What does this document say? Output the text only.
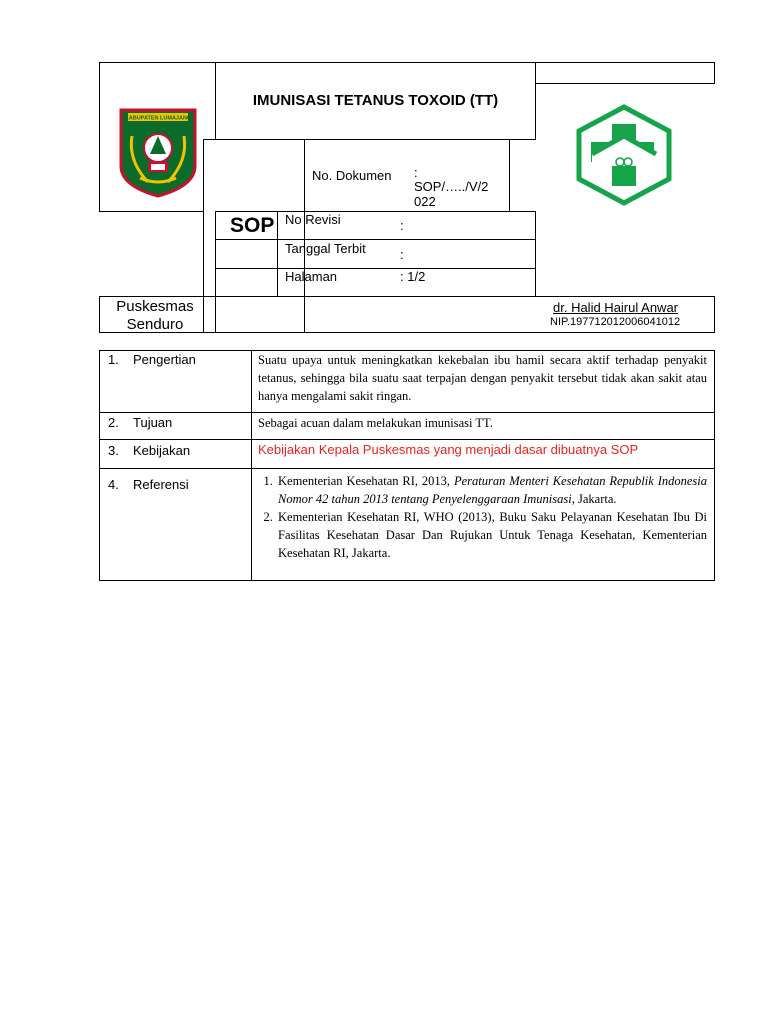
KABUPATEN LUMAJANG
IMUNISASI TETANUS TOXOID (TT)
No. Dokumen :
SOP/…../V/2 022
SOP No Revisi	:
Tanggal Terbit	:
Halaman	: 1/2
Puskesmas
Senduro
dr. Halid Hairul Anwar
NIP.197712012006041012
1. Pengertian	Suatu upaya untuk meningkatkan kekebalan ibu hamil secara aktif terhadap penyakit tetanus, sehingga bila suatu saat terpajan dengan penyakit tersebut tidak akan sakit atau hanya mengalami sakit ringan.
2. Tujuan	Sebagai acuan dalam melakukan imunisasi TT.
3. Kebijakan	Kebijakan Kepala Puskesmas yang menjadi dasar dibuatnya SOP
4. Referensi
1.	Kementerian Kesehatan RI, 2013, Peraturan Menteri Kesehatan Republik Indonesia Nomor 42 tahun 2013 tentang Penyelenggaraan Imunisasi, Jakarta.
2. Kementerian Kesehatan RI, WHO (2013), Buku Saku Pelayanan Kesehatan Ibu Di Fasilitas Kesehatan Dasar Dan Rujukan Untuk Tenaga Kesehatan, Kementerian Kesehatan RI, Jakarta.
